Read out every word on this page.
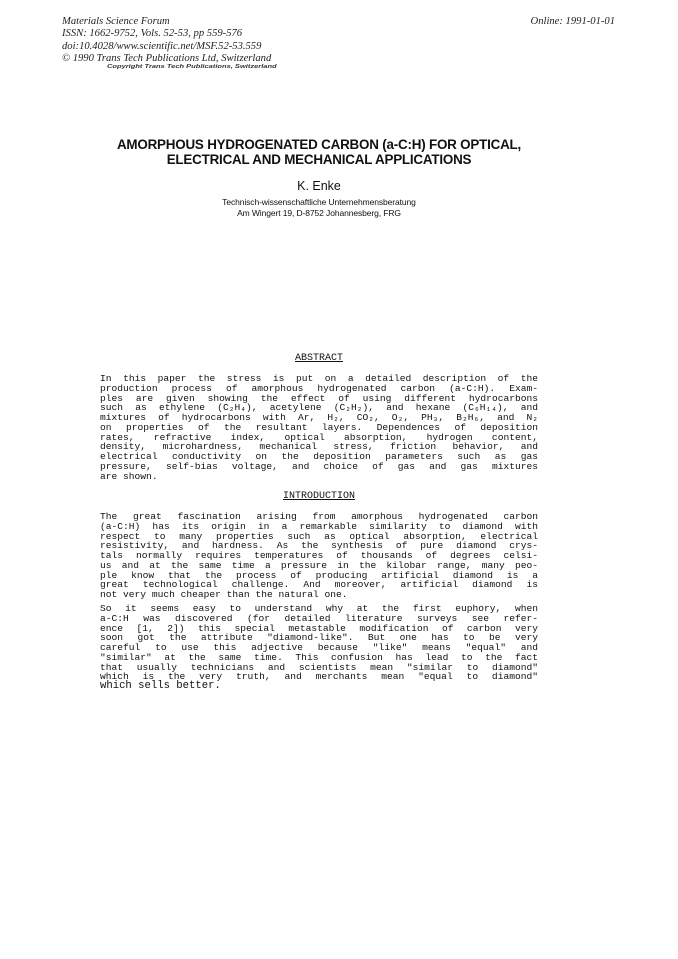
Materials Science Forum
ISSN: 1662-9752, Vols. 52-53, pp 559-576
doi:10.4028/www.scientific.net/MSF.52-53.559
© 1990 Trans Tech Publications Ltd, Switzerland
Online: 1991-01-01
Copyright Trans Tech Publications, Switzerland
AMORPHOUS HYDROGENATED CARBON (a-C:H) FOR OPTICAL,
ELECTRICAL AND MECHANICAL APPLICATIONS
K. Enke
Technisch-wissenschaftliche Unternehmensberatung
Am Wingert 19, D-8752 Johannesberg, FRG
ABSTRACT
In this paper the stress is put on a detailed description of the
production process of amorphous hydrogenated carbon (a-C:H). Exam-
ples are given showing the effect of using different hydrocarbons
such as ethylene (C₂H₄), acetylene (C₂H₂), and hexane (C₆H₁₄), and
mixtures of hydrocarbons with Ar, H₂, CO₂, O₂, PH₃, B₂H₆, and N₂
on properties of the resultant layers. Dependences of deposition
rates, refractive index, optical absorption, hydrogen content,
density, microhardness, mechanical stress, friction behavior, and
electrical conductivity on the deposition parameters such as gas
pressure, self-bias voltage, and choice of gas and gas mixtures
are shown.
INTRODUCTION
The great fascination arising from amorphous hydrogenated carbon
(a-C:H) has its origin in a remarkable similarity to diamond with
respect to many properties such as optical absorption, electrical
resistivity, and hardness. As the synthesis of pure diamond crys-
tals normally requires temperatures of thousands of degrees celsi-
us and at the same time a pressure in the kilobar range, many peo-
ple know that the process of producing artificial diamond is a
great technological challenge. And moreover, artificial diamond is
not very much cheaper than the natural one.
So it seems easy to understand why at the first euphory, when
a-C:H was discovered (for detailed literature surveys see refer-
ence [1, 2]) this special metastable modification of carbon very
soon got the attribute "diamond-like". But one has to be very
careful to use this adjective because "like" means "equal" and
"similar" at the same time. This confusion has lead to the fact
that usually technicians and scientists mean "similar to diamond"
which is the very truth, and merchants mean "equal to diamond"
which sells better.
